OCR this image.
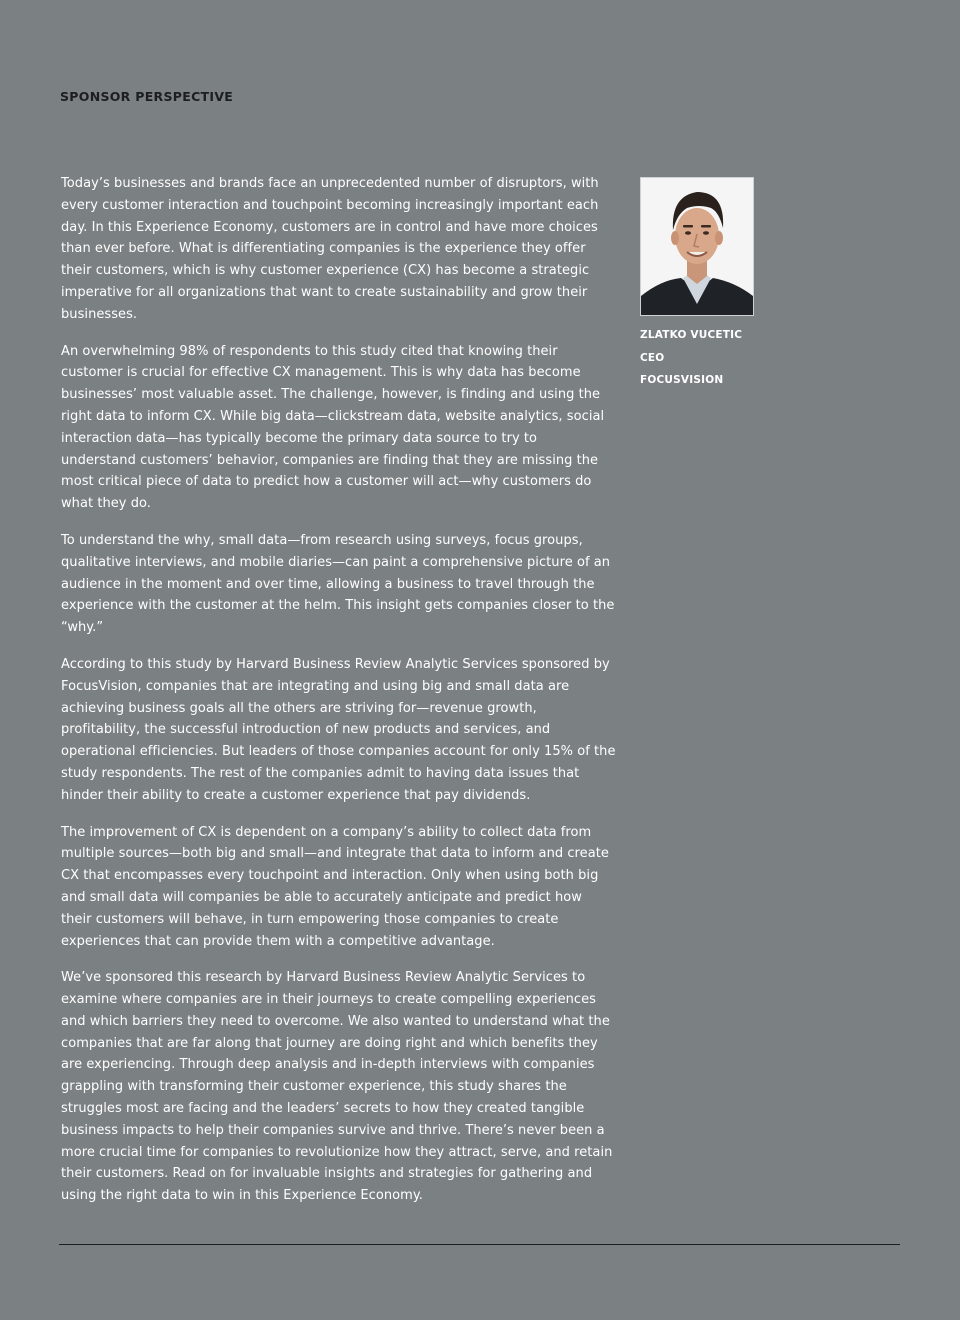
SPONSOR PERSPECTIVE

Today’s businesses and brands face an unprecedented number of disruptors, with every customer interaction and touchpoint becoming increasingly important each day. In this Experience Economy, customers are in control and have more choices than ever before. What is differentiating companies is the experience they offer their customers, which is why customer experience (CX) has become a strategic imperative for all organizations that want to create sustainability and grow their businesses.

An overwhelming 98% of respondents to this study cited that knowing their customer is crucial for effective CX management. This is why data has become businesses’ most valuable asset. The challenge, however, is finding and using the right data to inform CX. While big data—clickstream data, website analytics, social interaction data—has typically become the primary data source to try to understand customers’ behavior, companies are finding that they are missing the most critical piece of data to predict how a customer will act—why customers do what they do.

To understand the why, small data—from research using surveys, focus groups, qualitative interviews, and mobile diaries—can paint a comprehensive picture of an audience in the moment and over time, allowing a business to travel through the experience with the customer at the helm. This insight gets companies closer to the “why.”

According to this study by Harvard Business Review Analytic Services sponsored by FocusVision, companies that are integrating and using big and small data are achieving business goals all the others are striving for—revenue growth, profitability, the successful introduction of new products and services, and operational efficiencies. But leaders of those companies account for only 15% of the study respondents. The rest of the companies admit to having data issues that hinder their ability to create a customer experience that pay dividends.

The improvement of CX is dependent on a company’s ability to collect data from multiple sources—both big and small—and integrate that data to inform and create CX that encompasses every touchpoint and interaction. Only when using both big and small data will companies be able to accurately anticipate and predict how their customers will behave, in turn empowering those companies to create experiences that can provide them with a competitive advantage.

We’ve sponsored this research by Harvard Business Review Analytic Services to examine where companies are in their journeys to create compelling experiences and which barriers they need to overcome. We also wanted to understand what the companies that are far along that journey are doing right and which benefits they are experiencing. Through deep analysis and in-depth interviews with companies grappling with transforming their customer experience, this study shares the struggles most are facing and the leaders’ secrets to how they created tangible business impacts to help their companies survive and thrive. There’s never been a more crucial time for companies to revolutionize how they attract, serve, and retain their customers. Read on for invaluable insights and strategies for gathering and using the right data to win in this Experience Economy.

ZLATKO VUCETIC

CEO

FOCUSVISION
